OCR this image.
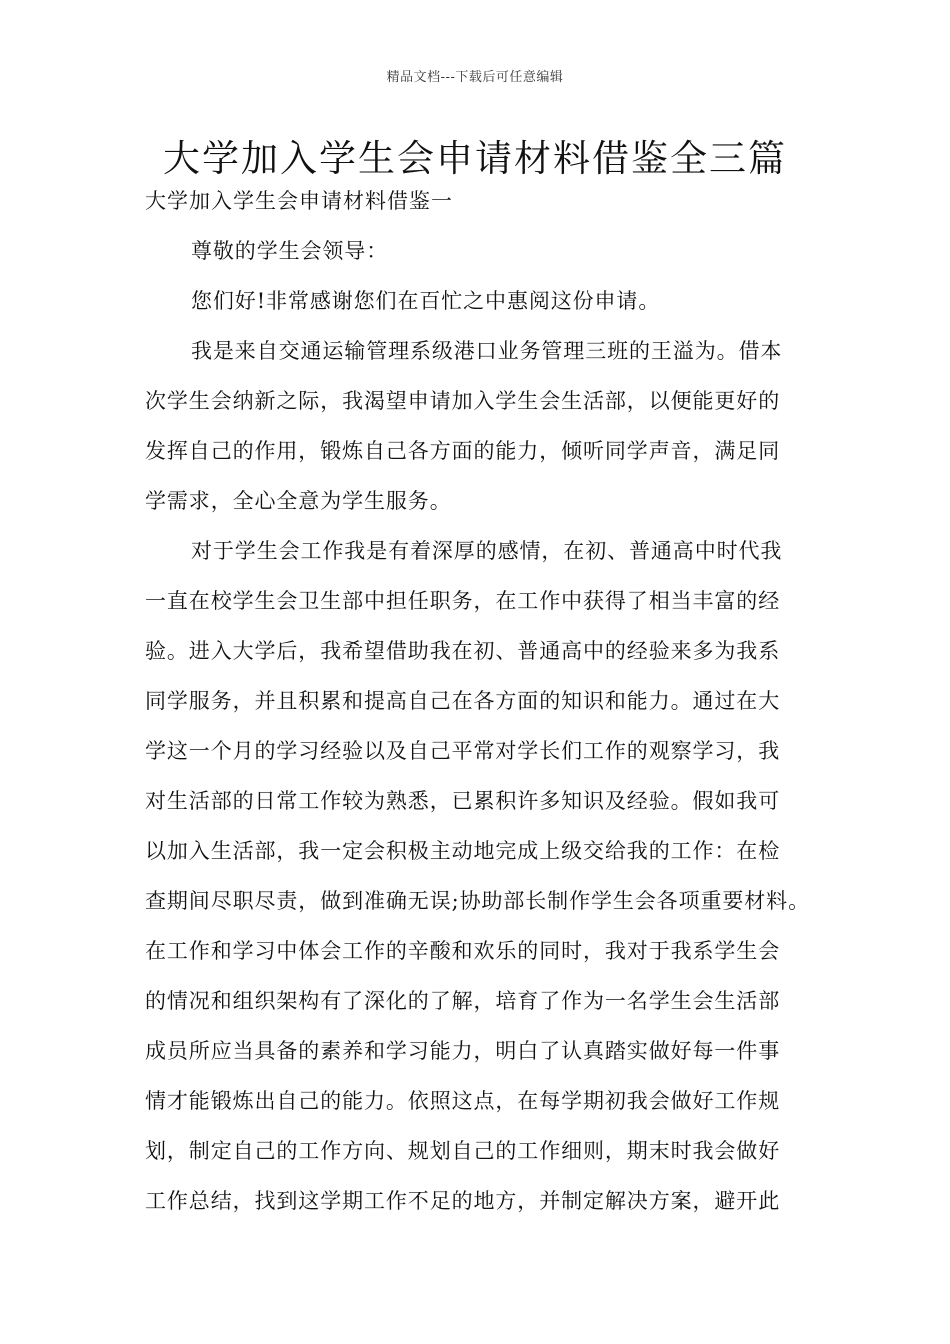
精品文档---下载后可任意编辑
大学加入学生会申请材料借鉴全三篇
大学加入学生会申请材料借鉴一

尊敬的学生会领导：

您们好!非常感谢您们在百忙之中惠阅这份申请。

我是来自交通运输管理系级港口业务管理三班的王溢为。借本

次学生会纳新之际，我渴望申请加入学生会生活部，以便能更好的

发挥自己的作用，锻炼自己各方面的能力，倾听同学声音，满足同

学需求，全心全意为学生服务。

对于学生会工作我是有着深厚的感情，在初、普通高中时代我

一直在校学生会卫生部中担任职务，在工作中获得了相当丰富的经

验。进入大学后，我希望借助我在初、普通高中的经验来多为我系

同学服务，并且积累和提高自己在各方面的知识和能力。通过在大

学这一个月的学习经验以及自己平常对学长们工作的观察学习，我

对生活部的日常工作较为熟悉，已累积许多知识及经验。假如我可

以加入生活部，我一定会积极主动地完成上级交给我的工作：在检

查期间尽职尽责，做到准确无误;协助部长制作学生会各项重要材料。

在工作和学习中体会工作的辛酸和欢乐的同时，我对于我系学生会

的情况和组织架构有了深化的了解，培育了作为一名学生会生活部

成员所应当具备的素养和学习能力，明白了认真踏实做好每一件事

情才能锻炼出自己的能力。依照这点，在每学期初我会做好工作规

划，制定自己的工作方向、规划自己的工作细则，期末时我会做好

工作总结，找到这学期工作不足的地方，并制定解决方案，避开此
